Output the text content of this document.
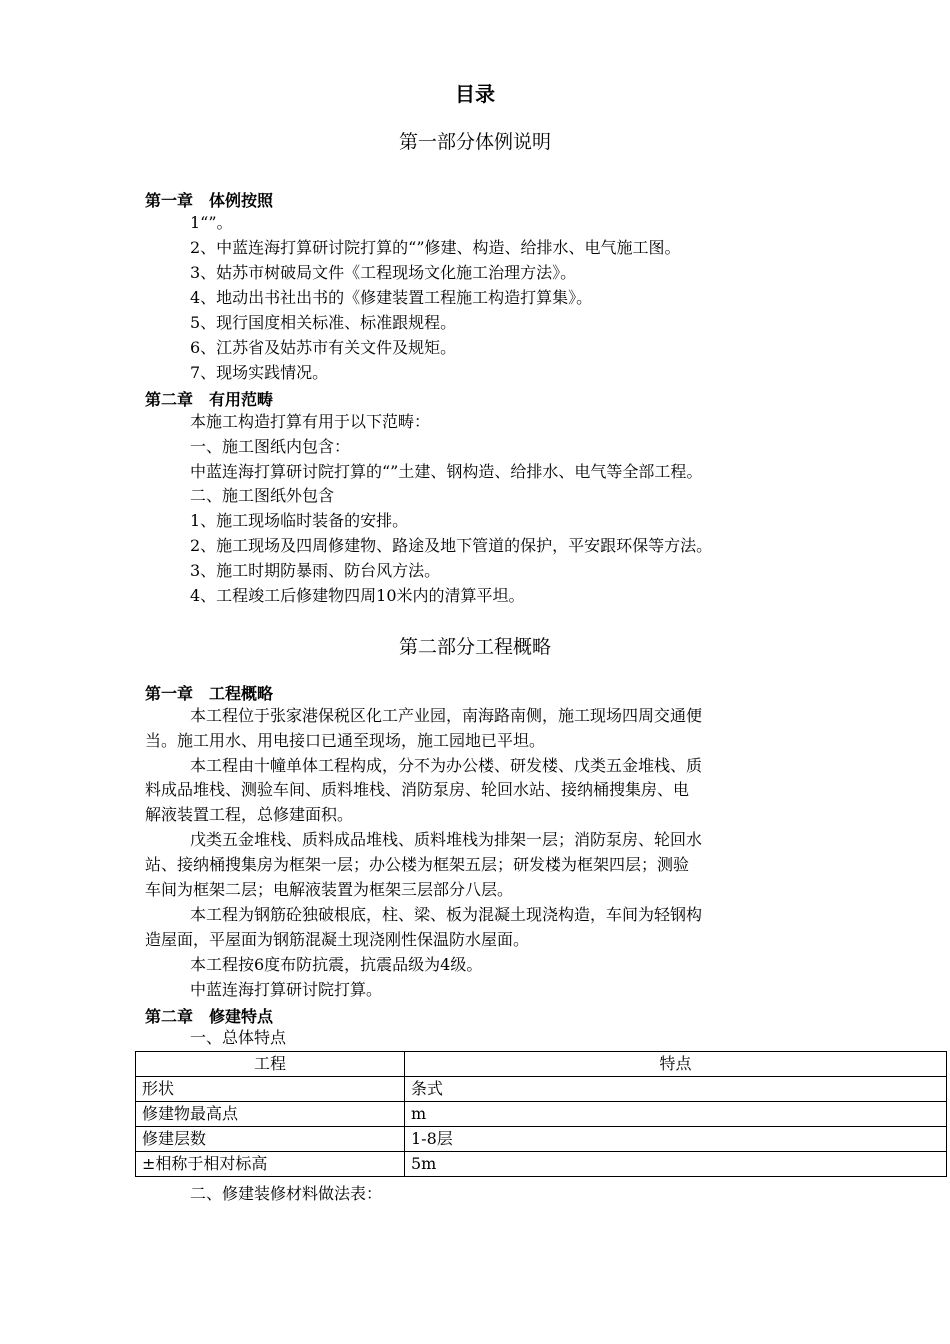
目录
第一部分体例说明
第一章　体例按照
1“”。
2、中蓝连海打算研讨院打算的“”修建、构造、给排水、电气施工图。
3、姑苏市树破局文件《工程现场文化施工治理方法》。
4、地动出书社出书的《修建装置工程施工构造打算集》。
5、现行国度相关标准、标准跟规程。
6、江苏省及姑苏市有关文件及规矩。
7、现场实践情况。
第二章　有用范畴
本施工构造打算有用于以下范畴：
一、施工图纸内包含：
中蓝连海打算研讨院打算的“”土建、钢构造、给排水、电气等全部工程。
二、施工图纸外包含
1、施工现场临时装备的安排。
2、施工现场及四周修建物、路途及地下管道的保护，平安跟环保等方法。
3、施工时期防暴雨、防台风方法。
4、工程竣工后修建物四周10米内的清算平坦。
第二部分工程概略
第一章　工程概略
本工程位于张家港保税区化工产业园，南海路南侧，施工现场四周交通便
当。施工用水、用电接口已通至现场，施工园地已平坦。
本工程由十幢单体工程构成，分不为办公楼、研发楼、戊类五金堆栈、质
料成品堆栈、测验车间、质料堆栈、消防泵房、轮回水站、接纳桶搜集房、电
解液装置工程，总修建面积。
戊类五金堆栈、质料成品堆栈、质料堆栈为排架一层；消防泵房、轮回水
站、接纳桶搜集房为框架一层；办公楼为框架五层；研发楼为框架四层；测验
车间为框架二层；电解液装置为框架三层部分八层。
本工程为钢筋砼独破根底，柱、梁、板为混凝土现浇构造，车间为轻钢构
造屋面，平屋面为钢筋混凝土现浇刚性保温防水屋面。
本工程按6度布防抗震，抗震品级为4级。
中蓝连海打算研讨院打算。
第二章　修建特点
一、总体特点
工程	特点
形状	条式
修建物最高点	m
修建层数	1-8层
±相称于相对标高	5m
二、修建装修材料做法表：
